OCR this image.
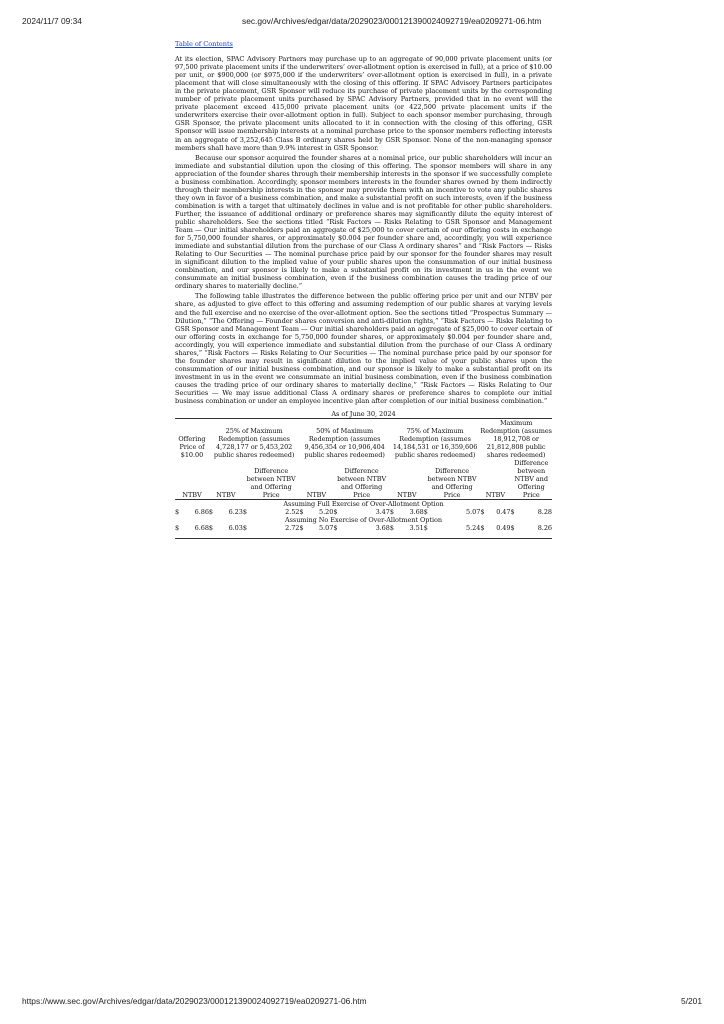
2024/11/7 09:34	sec.gov/Archives/edgar/data/2029023/000121390024092719/ea0209271-06.htm
Table of Contents

At its election, SPAC Advisory Partners may purchase up to an aggregate of 90,000 private placement units (or 97,500 private placement units if the underwriters’ over-allotment option is exercised in full), at a price of $10.00 per unit, or $900,000 (or $975,000 if the underwriters’ over-allotment option is exercised in full), in a private placement that will close simultaneously with the closing of this offering. If SPAC Advisory Partners participates in the private placement, GSR Sponsor will reduce its purchase of private placement units by the corresponding number of private placement units purchased by SPAC Advisory Partners, provided that in no event will the private placement exceed 415,000 private placement units (or 422,500 private placement units if the underwriters exercise their over-allotment option in full). Subject to each sponsor member purchasing, through GSR Sponsor, the private placement units allocated to it in connection with the closing of this offering, GSR Sponsor will issue membership interests at a nominal purchase price to the sponsor members reflecting interests in an aggregate of 3,252,645 Class B ordinary shares held by GSR Sponsor. None of the non-managing sponsor members shall have more than 9.9% interest in GSR Sponsor.

Because our sponsor acquired the founder shares at a nominal price, our public shareholders will incur an immediate and substantial dilution upon the closing of this offering. The sponsor members will share in any appreciation of the founder shares through their membership interests in the sponsor if we successfully complete a business combination. Accordingly, sponsor members interests in the founder shares owned by them indirectly through their membership interests in the sponsor may provide them with an incentive to vote any public shares they own in favor of a business combination, and make a substantial profit on such interests, even if the business combination is with a target that ultimately declines in value and is not profitable for other public shareholders. Further, the issuance of additional ordinary or preference shares may significantly dilute the equity interest of public shareholders. See the sections titled “Risk Factors — Risks Relating to GSR Sponsor and Management Team — Our initial shareholders paid an aggregate of $25,000 to cover certain of our offering costs in exchange for 5,750,000 founder shares, or approximately $0.004 per founder share and, accordingly, you will experience immediate and substantial dilution from the purchase of our Class A ordinary shares” and “Risk Factors — Risks Relating to Our Securities — The nominal purchase price paid by our sponsor for the founder shares may result in significant dilution to the implied value of your public shares upon the consummation of our initial business combination, and our sponsor is likely to make a substantial profit on its investment in us in the event we consummate an initial business combination, even if the business combination causes the trading price of our ordinary shares to materially decline.”

The following table illustrates the difference between the public offering price per unit and our NTBV per share, as adjusted to give effect to this offering and assuming redemption of our public shares at varying levels and the full exercise and no exercise of the over-allotment option. See the sections titled “Prospectus Summary — Dilution,” “The Offering — Founder shares conversion and anti-dilution rights,” “Risk Factors — Risks Relating to GSR Sponsor and Management Team — Our initial shareholders paid an aggregate of $25,000 to cover certain of our offering costs in exchange for 5,750,000 founder shares, or approximately $0.004 per founder share and, accordingly, you will experience immediate and substantial dilution from the purchase of our Class A ordinary shares,” “Risk Factors — Risks Relating to Our Securities — The nominal purchase price paid by our sponsor for the founder shares may result in significant dilution to the implied value of your public shares upon the consummation of our initial business combination, and our sponsor is likely to make a substantial profit on its investment in us in the event we consummate an initial business combination, even if the business combination causes the trading price of our ordinary shares to materially decline,” “Risk Factors — Risks Relating to Our Securities — We may issue additional Class A ordinary shares or preference shares to complete our initial business combination or under an employee incentive plan after completion of our initial business combination.”

As of June 30, 2024
Offering Price of $10.00	25% of Maximum Redemption (assumes 4,728,177 or 5,453,202 public shares redeemed)		50% of Maximum Redemption (assumes 9,456,354 or 10,906,404 public shares redeemed)		75% of Maximum Redemption (assumes 14,184,531 or 16,359,606 public shares redeemed)		Maximum Redemption (assumes 18,912,708 or 21,812,808 public shares redeemed)	
NTBV	NTBV	Difference between NTBV and Offering Price	NTBV	Difference between NTBV and Offering Price	NTBV	Difference between NTBV and Offering Price	NTBV	Difference between NTBV and Offering Price
Assuming Full Exercise of Over-Allotment Option								

$ 6.86	$ 6.23	$ 2.52	$ 5.20	$ 3.47	$ 3.68	$ 5.07	$ 0.47	$ 8.28
Assuming No Exercise of Over-Allotment Option								

$ 6.68	$ 6.03	$ 2.72	$ 5.07	$ 3.68	$ 3.51	$ 5.24	$ 0.49	$ 8.26
https://www.sec.gov/Archives/edgar/data/2029023/000121390024092719/ea0209271-06.htm	5/201
